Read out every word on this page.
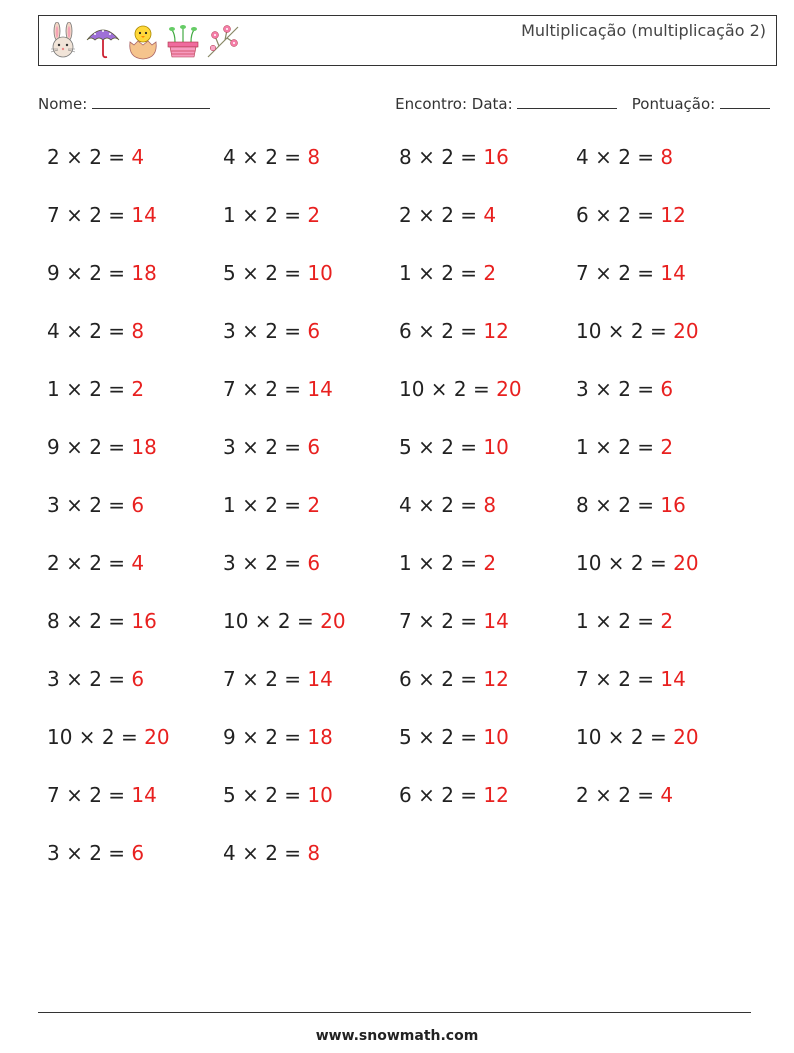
Multiplicação (multiplicação 2)
Nome:	Encontro: Data:	Pontuação:
2 × 2 = 4	4 × 2 = 8	8 × 2 = 16	4 × 2 = 8
7 × 2 = 14	1 × 2 = 2	2 × 2 = 4	6 × 2 = 12
9 × 2 = 18	5 × 2 = 10	1 × 2 = 2	7 × 2 = 14
4 × 2 = 8	3 × 2 = 6	6 × 2 = 12	10 × 2 = 20
1 × 2 = 2	7 × 2 = 14	10 × 2 = 20	3 × 2 = 6
9 × 2 = 18	3 × 2 = 6	5 × 2 = 10	1 × 2 = 2
3 × 2 = 6	1 × 2 = 2	4 × 2 = 8	8 × 2 = 16
2 × 2 = 4	3 × 2 = 6	1 × 2 = 2	10 × 2 = 20
8 × 2 = 16	10 × 2 = 20	7 × 2 = 14	1 × 2 = 2
3 × 2 = 6	7 × 2 = 14	6 × 2 = 12	7 × 2 = 14
10 × 2 = 20	9 × 2 = 18	5 × 2 = 10	10 × 2 = 20
7 × 2 = 14	5 × 2 = 10	6 × 2 = 12	2 × 2 = 4
3 × 2 = 6	4 × 2 = 8
www.snowmath.com
